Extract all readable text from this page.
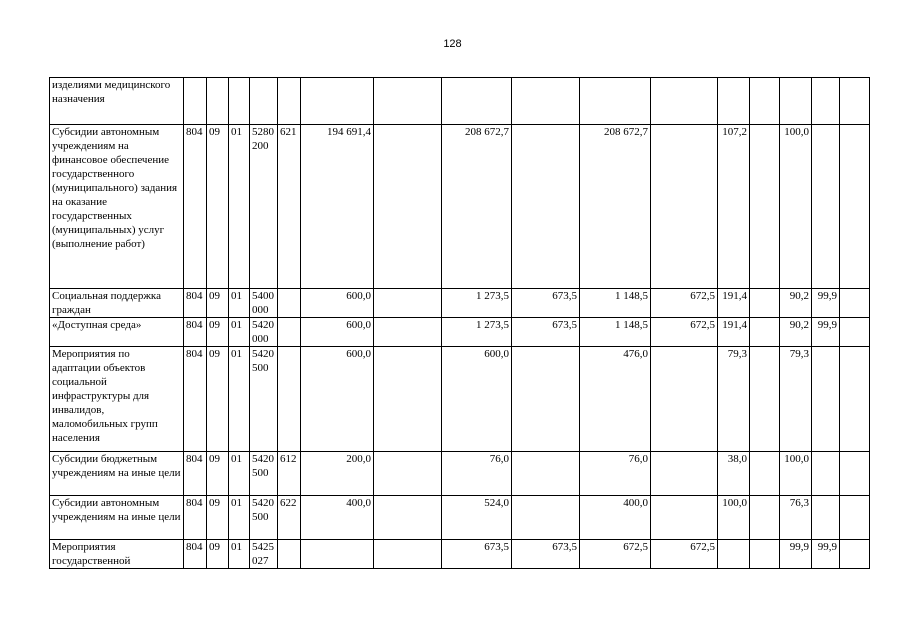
128
изделиями медицинского назначения																
Субсидии автономным учреждениям на финансовое обеспечение государственного (муниципального) задания на оказание государственных (муниципальных) услуг (выполнение работ)	804	09	01	5280 200	621	194 691,4		208 672,7		208 672,7		107,2		100,0		
Социальная поддержка граждан	804	09	01	5400 000		600,0		1 273,5	673,5	1 148,5	672,5	191,4		90,2	99,9	
«Доступная среда»	804	09	01	5420 000		600,0		1 273,5	673,5	1 148,5	672,5	191,4		90,2	99,9	
Мероприятия по адаптации объектов социальной инфраструктуры для инвалидов, маломобильных групп населения	804	09	01	5420 500		600,0		600,0		476,0		79,3		79,3		
Субсидии бюджетным учреждениям на иные цели	804	09	01	5420 500	612	200,0		76,0		76,0		38,0		100,0		
Субсидии автономным учреждениям на иные цели	804	09	01	5420 500	622	400,0		524,0		400,0		100,0		76,3		
Мероприятия государственной	804	09	01	5425 027				673,5	673,5	672,5	672,5			99,9	99,9	
